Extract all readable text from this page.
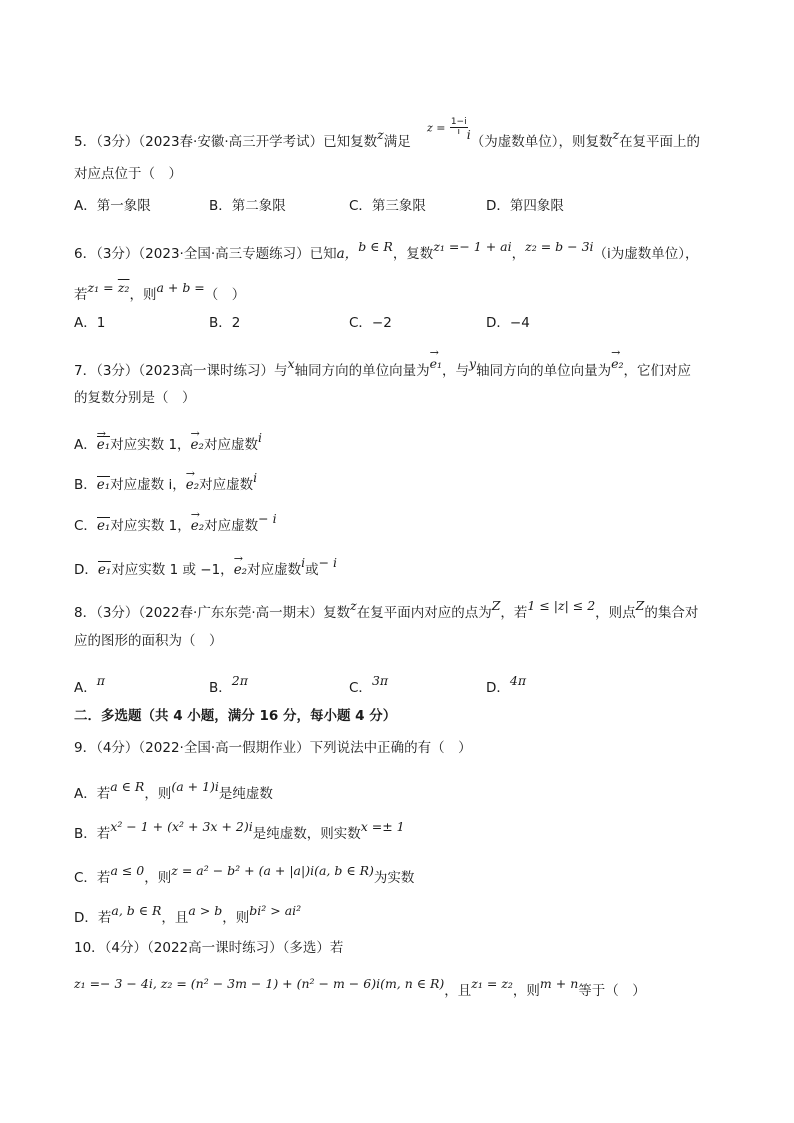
$z = \frac{1-i}{i}$
5．（3分）（2023春·安徽·高三开学考试）已知复数z满足	i（为虚数单位），则复数z在复平面上的
对应点位于（　）
A．第一象限	B．第二象限	C．第三象限	D．第四象限
6．（3分）（2023·全国·高三专题练习）已知a，b ∈ R，复数z₁ =− 1 + ai，z₂ = b − 3i（i为虚数单位），
若z₁ = z₂，则a + b =（　）
A．1	B．2	C．−2	D．−4
7．（3分）（2023高一课时练习）与x轴同方向的单位向量为→ e₁，与y轴同方向的单位向量为→ e₂，它们对应
的复数分别是（　）
A．→ e₁对应实数 1，→ e₂对应虚数i
B．e₁对应虚数 i，→ e₂对应虚数i
C．e₁对应实数 1，→ e₂对应虚数− i
D．e₁对应实数 1 或 −1，→ e₂对应虚数i或− i
8．（3分）（2022春·广东东莞·高一期末）复数z在复平面内对应的点为Z，若1 ≤ |z| ≤ 2，则点Z的集合对
应的图形的面积为（　）
A．π	B．2π	C．3π	D．4π
二．多选题（共 4 小题，满分 16 分，每小题 4 分）
9．（4分）（2022·全国·高一假期作业）下列说法中正确的有（　）
A．若a ∈ R，则(a + 1)i是纯虚数
B．若x² − 1 + (x² + 3x + 2)i是纯虚数，则实数x =± 1
C．若a ≤ 0，则z = a² − b² + (a + |a|)i(a, b ∈ R)为实数
D．若a, b ∈ R，且a > b，则bi² > ai²
10．（4分）（2022高一课时练习）（多选）若
z₁ =− 3 − 4i, z₂ = (n² − 3m − 1) + (n² − m − 6)i(m, n ∈ R)，且z₁ = z₂，则m + n等于（　）
